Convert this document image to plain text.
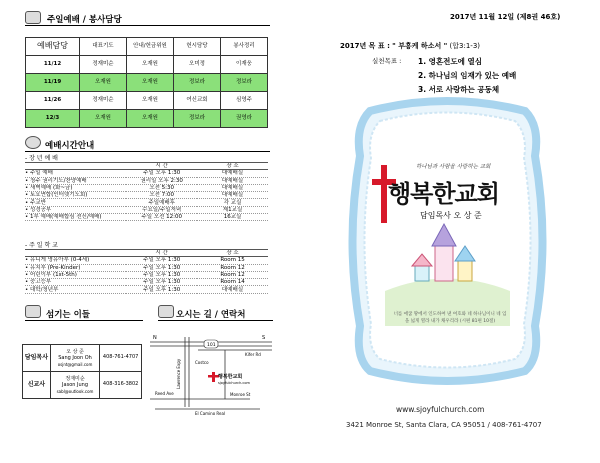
주일예배 / 봉사담당
예배담당	대표기도	안내/헌금위원	헌시담당	봉사정리
11/12	정재미순	오재원	오미정	이재웅
11/19	오재원	오재원	정보라	정보라
11/26	정재미순	오재원	여신교회	심영주
12/3	오재원	오재원	정보라	권영라
예배시간안내
- 장 년 예 배
	시 간	장 소
• 주일 예배	주일 오후 1:30	대예배실
• 청주 권리기도/찬양예배	권리일 오후 2:30	대예배실
• 새벽예배 (화~금)	오전 5:30	대예배실
• 토요연합(인터넷기도회)	오전 7:00	대예배실
• 주교반	주일예배후	각 교실
• 성경공부	수요일/주일저녁	제1교실
• 1부 예배(예배합심 전신/예배)	주일 오전 12:00	16교실
- 주 일 학 교
	시 간	장 소
• 유니게 영유아부 (0-4세)	주일 오후 1:30	Room 15
• 유치부 (Pre-Kinder)	주일 오후 1:30	Room 12
• 어린이부 (1st-5th)	주일 오후 1:30	Room 12
• 중고등부	주일 오후 1:30	Room 14
• 대학/청년부	주일 오후 1:30	대예배실
섬기는 이들
담임목사	오 상 준
Sang Joon Oh
osjnt@gmail.com	408-761-4707
신교사	정재미순
Jason Jung
sabl@outlook.com	408-316-3802
오시는 길 / 연락처
N	S
101
Kifer Rd
Costco
Lawrence Expy
Reed Ave	Monroe St
El Camino Real
행복한교회
sjoyfulchurch.com
2017년 11월 12일 (제8권 46호)
2017년 목 표 : " 부흥케 하소서 " (합3:1-3)
실천목표 : 1. 영혼전도에 열심
2. 하나님의 임재가 있는 예배
3. 서로 사랑하는 공동체
하나님과 사람을 사랑하는 교회
행복한교회
담임목사 오 상 준
너를 애굽 땅에서 인도하여 낸 여호와 네 하나님이니 네 입을 넓게 열라 내가 채우리라 (시편 81편 10절)
www.sjoyfulchurch.com
3421 Monroe St, Santa Clara, CA 95051 / 408-761-4707
